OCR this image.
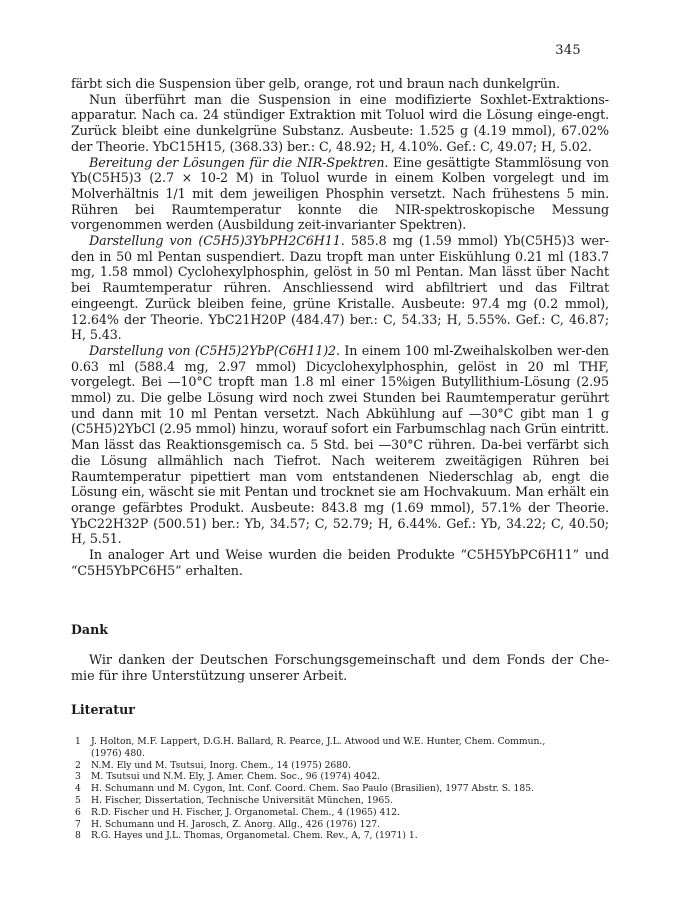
345

färbt sich die Suspension über gelb, orange, rot und braun nach dunkelgrün.

Nun überführt man die Suspension in eine modifizierte Soxhlet-Extraktions-apparatur. Nach ca. 24 stündiger Extraktion mit Toluol wird die Lösung einge-engt. Zurück bleibt eine dunkelgrüne Substanz. Ausbeute: 1.525 g (4.19 mmol), 67.02% der Theorie. YbC15H15, (368.33) ber.: C, 48.92; H, 4.10%. Gef.: C, 49.07; H, 5.02.

Bereitung der Lösungen für die NIR-Spektren. Eine gesättigte Stammlösung von Yb(C5H5)3 (2.7 × 10-2 M) in Toluol wurde in einem Kolben vorgelegt und im Molverhältnis 1/1 mit dem jeweiligen Phosphin versetzt. Nach frühestens 5 min. Rühren bei Raumtemperatur konnte die NIR-spektroskopische Messung vorgenommen werden (Ausbildung zeit-invarianter Spektren).

Darstellung von (C5H5)3YbPH2C6H11. 585.8 mg (1.59 mmol) Yb(C5H5)3 wer-den in 50 ml Pentan suspendiert. Dazu tropft man unter Eiskühlung 0.21 ml (183.7 mg, 1.58 mmol) Cyclohexylphosphin, gelöst in 50 ml Pentan. Man lässt über Nacht bei Raumtemperatur rühren. Anschliessend wird abfiltriert und das Filtrat eingeengt. Zurück bleiben feine, grüne Kristalle. Ausbeute: 97.4 mg (0.2 mmol), 12.64% der Theorie. YbC21H20P (484.47) ber.: C, 54.33; H, 5.55%. Gef.: C, 46.87; H, 5.43.

Darstellung von (C5H5)2YbP(C6H11)2. In einem 100 ml-Zweihalskolben wer-den 0.63 ml (588.4 mg, 2.97 mmol) Dicyclohexylphosphin, gelöst in 20 ml THF, vorgelegt. Bei —10°C tropft man 1.8 ml einer 15%igen Butyllithium-Lösung (2.95 mmol) zu. Die gelbe Lösung wird noch zwei Stunden bei Raumtemperatur gerührt und dann mit 10 ml Pentan versetzt. Nach Abkühlung auf —30°C gibt man 1 g (C5H5)2YbCl (2.95 mmol) hinzu, worauf sofort ein Farbumschlag nach Grün eintritt. Man lässt das Reaktionsgemisch ca. 5 Std. bei —30°C rühren. Da-bei verfärbt sich die Lösung allmählich nach Tiefrot. Nach weiterem zweitägigen Rühren bei Raumtemperatur pipettiert man vom entstandenen Niederschlag ab, engt die Lösung ein, wäscht sie mit Pentan und trocknet sie am Hochvakuum. Man erhält ein orange gefärbtes Produkt. Ausbeute: 843.8 mg (1.69 mmol), 57.1% der Theorie. YbC22H32P (500.51) ber.: Yb, 34.57; C, 52.79; H, 6.44%. Gef.: Yb, 34.22; C, 40.50; H, 5.51.

In analoger Art und Weise wurden die beiden Produkte “C5H5YbPC6H11” und “C5H5YbPC6H5” erhalten.

Dank

Wir danken der Deutschen Forschungsgemeinschaft und dem Fonds der Che-mie für ihre Unterstützung unserer Arbeit.

Literatur
1	J. Holton, M.F. Lappert, D.G.H. Ballard, R. Pearce, J.L. Atwood und W.E. Hunter, Chem. Commun.,
(1976) 480.
2	N.M. Ely und M. Tsutsui, Inorg. Chem., 14 (1975) 2680.
3	M. Tsutsui und N.M. Ely, J. Amer. Chem. Soc., 96 (1974) 4042.
4	H. Schumann und M. Cygon, Int. Conf. Coord. Chem. Sao Paulo (Brasilien), 1977 Abstr. S. 185.
5	H. Fischer, Dissertation, Technische Universität München, 1965.
6	R.D. Fischer und H. Fischer, J. Organometal. Chem., 4 (1965) 412.
7	H. Schumann und H. Jarosch, Z. Anorg. Allg., 426 (1976) 127.
8	R.G. Hayes und J.L. Thomas, Organometal. Chem. Rev., A, 7, (1971) 1.
